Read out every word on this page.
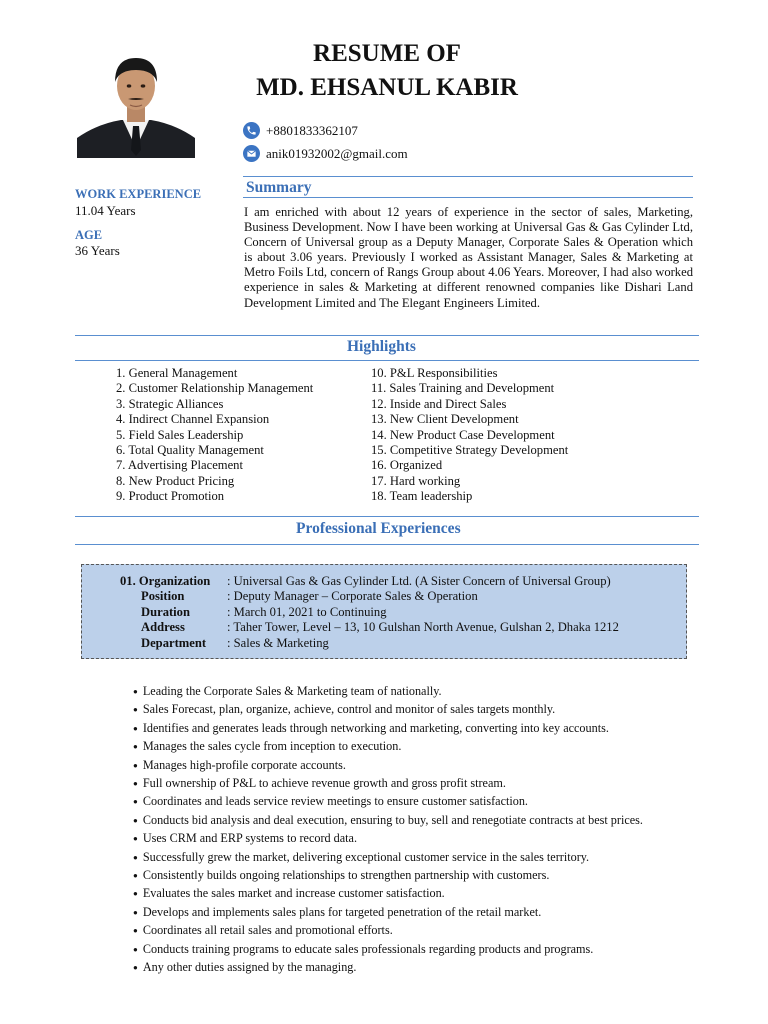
RESUME OF
MD. EHSANUL KABIR
+8801833362107
anik01932002@gmail.com
WORK EXPERIENCE
11.04 Years
AGE
36 Years
Summary
I am enriched with about 12 years of experience in the sector of sales, Marketing, Business Development. Now I have been working at Universal Gas & Gas Cylinder Ltd, Concern of Universal group as a Deputy Manager, Corporate Sales & Operation which is about 3.06 years. Previously I worked as Assistant Manager, Sales & Marketing at Metro Foils Ltd, concern of Rangs Group about 4.06 Years. Moreover, I had also worked experience in sales & Marketing at different renowned companies like Dishari Land Development Limited and The Elegant Engineers Limited.
Highlights
1. General Management
2. Customer Relationship Management
3. Strategic Alliances
4. Indirect Channel Expansion
5. Field Sales Leadership
6. Total Quality Management
7. Advertising Placement
8. New Product Pricing
9. Product Promotion
10. P&L Responsibilities
11. Sales Training and Development
12. Inside and Direct Sales
13. New Client Development
14. New Product Case Development
15. Competitive Strategy Development
16. Organized
17. Hard working
18. Team leadership
Professional Experiences
01. Organization : Universal Gas & Gas Cylinder Ltd. (A Sister Concern of Universal Group)
Position	: Deputy Manager – Corporate Sales & Operation
Duration	: March 01, 2021 to Continuing
Address	: Taher Tower, Level – 13, 10 Gulshan North Avenue, Gulshan 2, Dhaka 1212
Department : Sales & Marketing
● Leading the Corporate Sales & Marketing team of nationally.
● Sales Forecast, plan, organize, achieve, control and monitor of sales targets monthly.
● Identifies and generates leads through networking and marketing, converting into key accounts.
● Manages the sales cycle from inception to execution.
● Manages high-profile corporate accounts.
● Full ownership of P&L to achieve revenue growth and gross profit stream.
● Coordinates and leads service review meetings to ensure customer satisfaction.
● Conducts bid analysis and deal execution, ensuring to buy, sell and renegotiate contracts at best prices.
● Uses CRM and ERP systems to record data.
● Successfully grew the market, delivering exceptional customer service in the sales territory.
● Consistently builds ongoing relationships to strengthen partnership with customers.
● Evaluates the sales market and increase customer satisfaction.
● Develops and implements sales plans for targeted penetration of the retail market.
● Coordinates all retail sales and promotional efforts.
● Conducts training programs to educate sales professionals regarding products and programs.
● Any other duties assigned by the managing.
